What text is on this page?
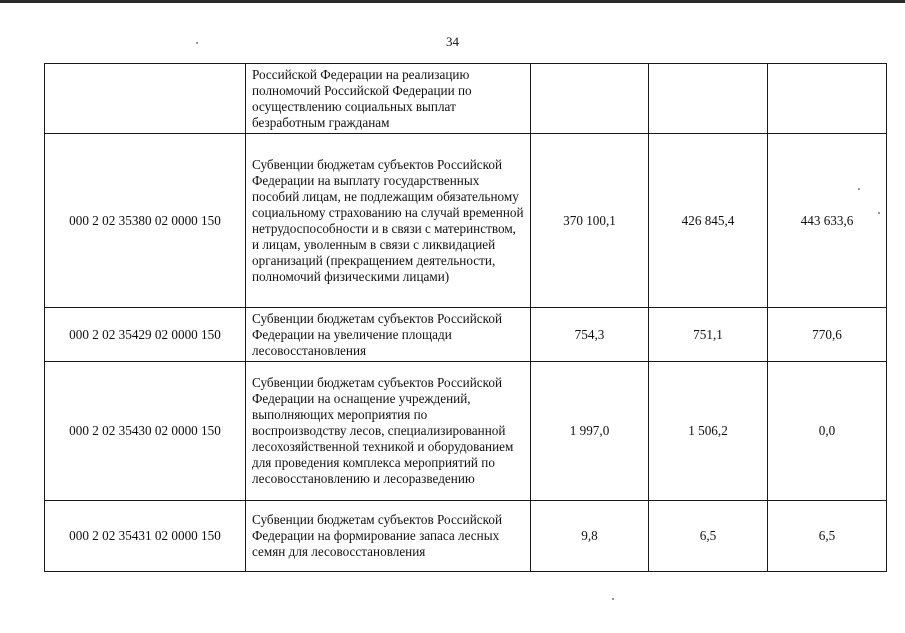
34
	Российской Федерации на реализацию полномочий Российской Федерации по осуществлению социальных выплат безработным гражданам			
000 2 02 35380 02 0000 150	Субвенции бюджетам субъектов Российской Федерации на выплату государственных пособий лицам, не подлежащим обязательному социальному страхованию на случай временной нетрудоспособности и в связи с материнством, и лицам, уволенным в связи с ликвидацией организаций (прекращением деятельности, полномочий физическими лицами)	370 100,1	426 845,4	443 633,6
000 2 02 35429 02 0000 150	Субвенции бюджетам субъектов Российской Федерации на увеличение площади лесовосстановления	754,3	751,1	770,6
000 2 02 35430 02 0000 150	Субвенции бюджетам субъектов Российской Федерации на оснащение учреждений, выполняющих мероприятия по воспроизводству лесов, специализированной лесохозяйственной техникой и оборудованием для проведения комплекса мероприятий по лесовосстановлению и лесоразведению	1 997,0	1 506,2	0,0
000 2 02 35431 02 0000 150	Субвенции бюджетам субъектов Российской Федерации на формирование запаса лесных семян для лесовосстановления	9,8	6,5	6,5
